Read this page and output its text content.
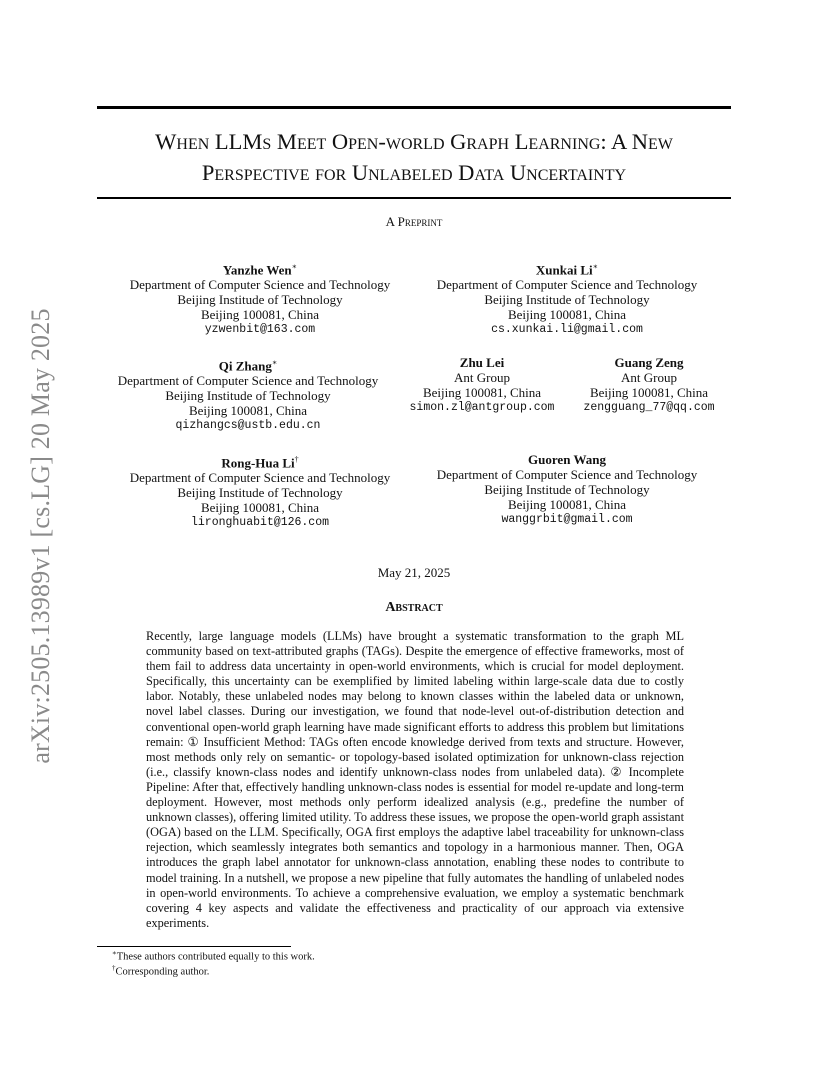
arXiv:2505.13989v1 [cs.LG] 20 May 2025
When LLMs Meet Open-world Graph Learning: A New
Perspective for Unlabeled Data Uncertainty
A Preprint
Yanzhe Wen∗
Department of Computer Science and Technology
Beijing Institude of Technology
Beijing 100081, China
yzwenbit@163.com
Xunkai Li∗
Department of Computer Science and Technology
Beijing Institude of Technology
Beijing 100081, China
cs.xunkai.li@gmail.com
Qi Zhang∗
Department of Computer Science and Technology
Beijing Institude of Technology
Beijing 100081, China
qizhangcs@ustb.edu.cn
Zhu Lei
Ant Group
Beijing 100081, China
simon.zl@antgroup.com
Guang Zeng
Ant Group
Beijing 100081, China
zengguang_77@qq.com
Rong-Hua Li†
Department of Computer Science and Technology
Beijing Institude of Technology
Beijing 100081, China
lironghuabit@126.com
Guoren Wang
Department of Computer Science and Technology
Beijing Institude of Technology
Beijing 100081, China
wanggrbit@gmail.com
May 21, 2025
Abstract
Recently, large language models (LLMs) have brought a systematic transformation to the graph ML community based on text-attributed graphs (TAGs). Despite the emergence of effective frameworks, most of them fail to address data uncertainty in open-world environments, which is crucial for model deployment. Specifically, this uncertainty can be exemplified by limited labeling within large-scale data due to costly labor. Notably, these unlabeled nodes may belong to known classes within the labeled data or unknown, novel label classes. During our investigation, we found that node-level out-of-distribution detection and conventional open-world graph learning have made significant efforts to address this problem but limitations remain: ① Insufficient Method: TAGs often encode knowledge derived from texts and structure. However, most methods only rely on semantic- or topology-based isolated optimization for unknown-class rejection (i.e., classify known-class nodes and identify unknown-class nodes from unlabeled data). ② Incomplete Pipeline: After that, effectively handling unknown-class nodes is essential for model re-update and long-term deployment. However, most methods only perform idealized analysis (e.g., predefine the number of unknown classes), offering limited utility. To address these issues, we propose the open-world graph assistant (OGA) based on the LLM. Specifically, OGA first employs the adaptive label traceability for unknown-class rejection, which seamlessly integrates both semantics and topology in a harmonious manner. Then, OGA introduces the graph label annotator for unknown-class annotation, enabling these nodes to contribute to model training. In a nutshell, we propose a new pipeline that fully automates the handling of unlabeled nodes in open-world environments. To achieve a comprehensive evaluation, we employ a systematic benchmark covering 4 key aspects and validate the effectiveness and practicality of our approach via extensive experiments.
∗These authors contributed equally to this work.
†Corresponding author.
